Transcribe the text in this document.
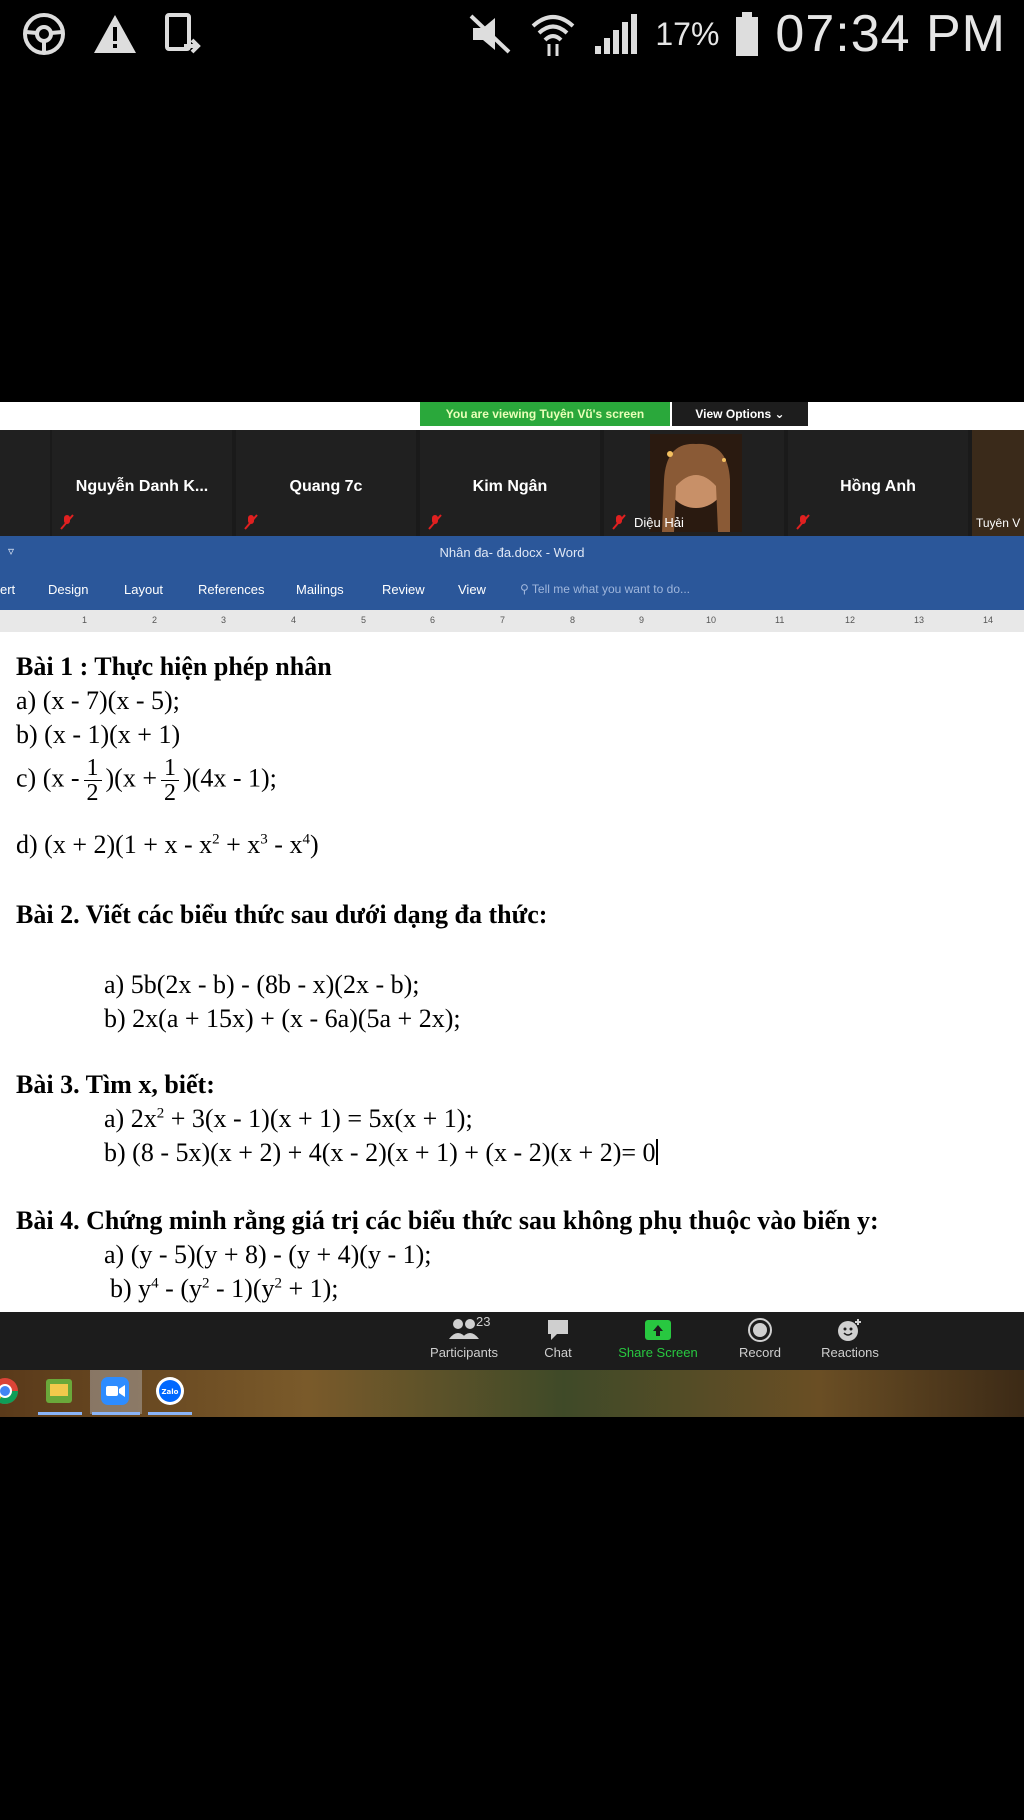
17% 07:34 PM
You are viewing Tuyên Vũ's screen	View Options ⌄
Nguyễn Danh K...	Quang 7c	Kim Ngân
Diệu Hải
Hồng Anh
Tuyên V
▿	Nhân đa- đa.docx - Word
ert	Design	Layout	References Mailings	Review	View	⚲ Tell me what you want to do...
1	2	3	4	5	6	7	8	9	10	11	12	13	14
Bài 1 : Thực hiện phép nhân
a) (x - 7)(x - 5);
b) (x - 1)(x + 1)
c) $(x - \frac{1}{2} )(x + \frac{1}{2} )(4x - 1)$;
d) $(x + 2)(1 + x - x^2 + x^3 - x^4)$
Bài 2. Viết các biểu thức sau dưới dạng đa thức:
a) 5b(2x - b) - (8b - x)(2x - b);
b) 2x(a + 15x) + (x - 6a)(5a + 2x);
Bài 3. Tìm x, biết:
a) $2x^2 + 3(x - 1)(x + 1) = 5x(x + 1)$;
b) (8 - 5x)(x + 2) + 4(x - 2)(x + 1) + (x - 2)(x + 2)= 0
Bài 4. Chứng minh rằng giá trị các biểu thức sau không phụ thuộc vào biến y:
a) (y - 5)(y + 8) - (y + 4)(y - 1);
b) $y^4 - (y^2 - 1)(y^2 + 1)$;
23
Participants	Chat	Share Screen	Record	Reactions
Zalo
